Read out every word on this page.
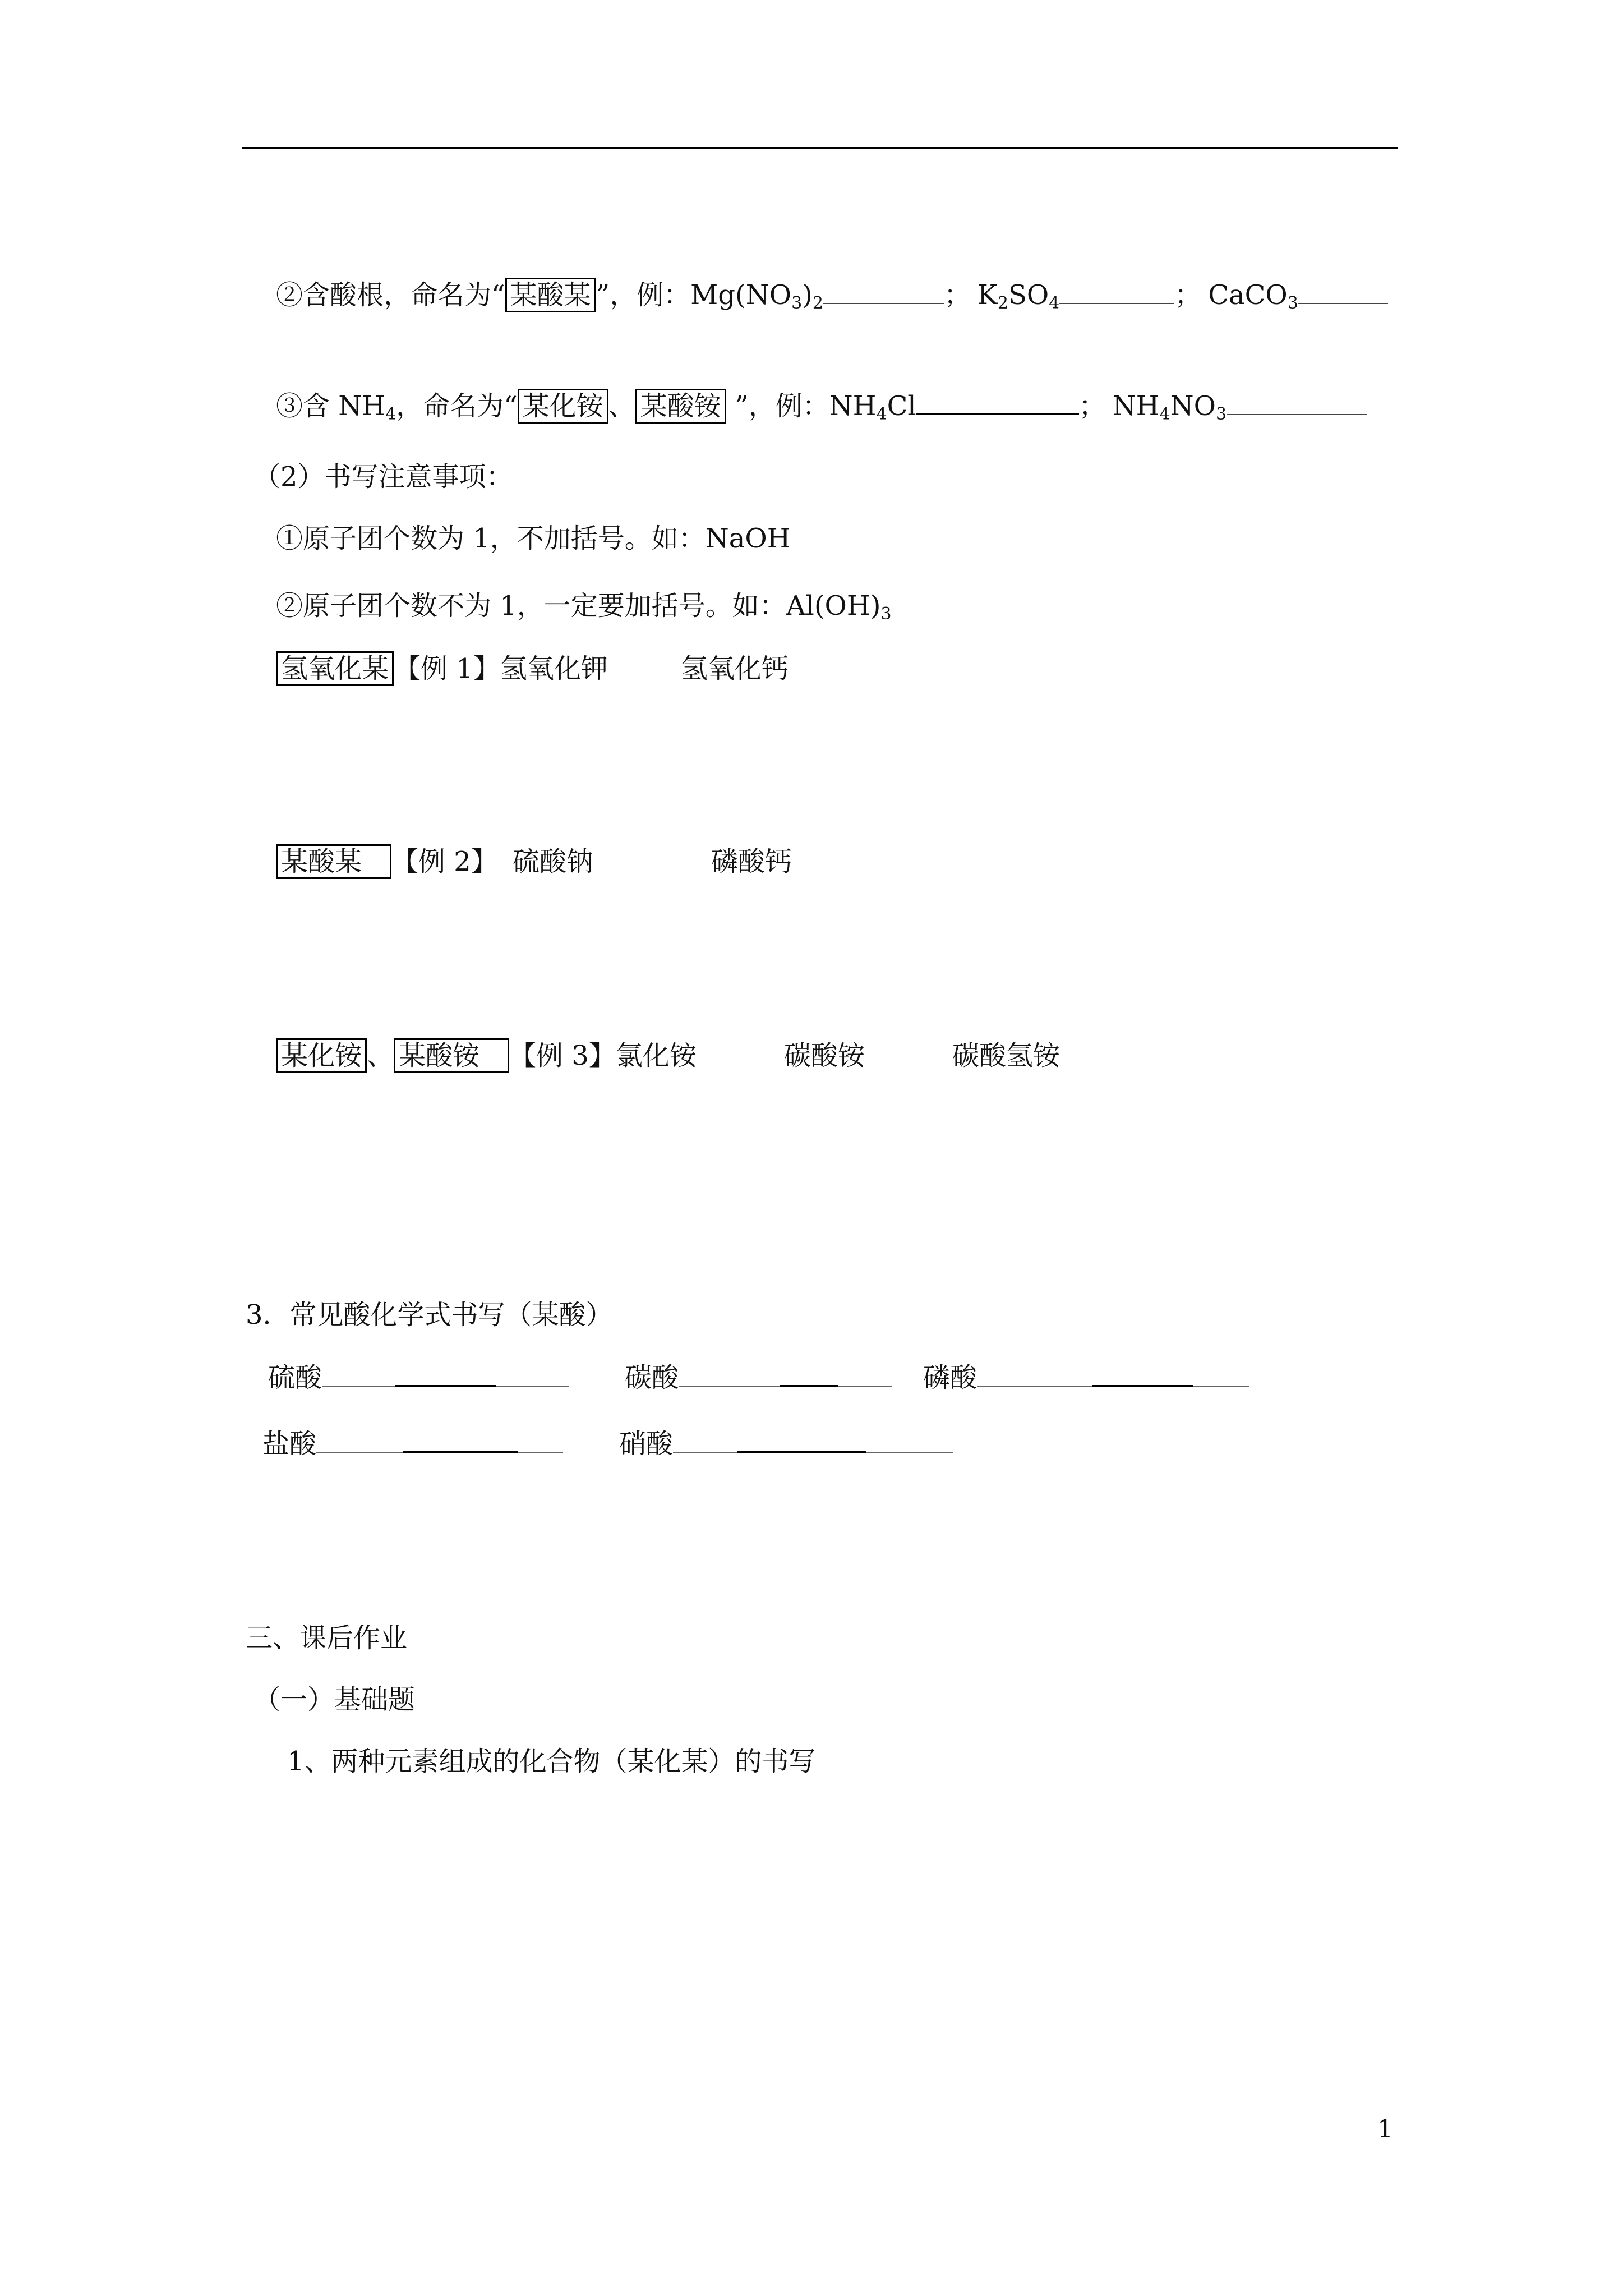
②含酸根，命名为“ 某酸某 ”，例：$Mg(NO_3)_2$	； $K_2SO_4$	； CaCO$_3$
③含 $NH_4$，命名为“ 某化铵 、 某酸铵 ”，例：$NH_4Cl$	； $NH_4NO_3$
（2）书写注意事项：
①原子团个数为 1，不加括号。如：NaOH
②原子团个数不为 1，一定要加括号。如：$Al(OH)_3$
氢氧化某 【例 1】氢氧化钾	氢氧化钙
某酸某 【例 2】 硫酸钠	磷酸钙
某化铵 、 某酸铵 【例 3】氯化铵	碳酸铵	碳酸氢铵
3．常见酸化学式书写（某酸）
硫酸	碳酸	磷酸
盐酸	硝酸
三、课后作业
（一）基础题
1、两种元素组成的化合物（某化某）的书写
1
